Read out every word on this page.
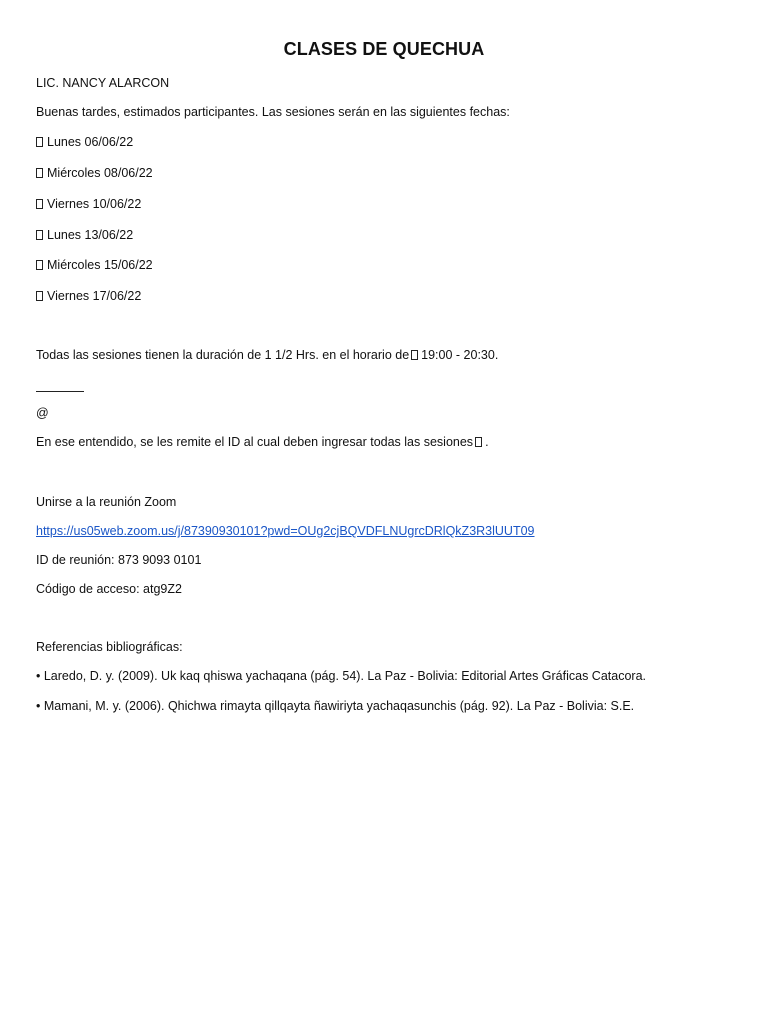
CLASES DE QUECHUA
LIC. NANCY ALARCON
Buenas tardes, estimados participantes. Las sesiones serán en las siguientes fechas:
Lunes 06/06/22
Miércoles 08/06/22
Viernes 10/06/22
Lunes 13/06/22
Miércoles 15/06/22
Viernes 17/06/22
Todas las sesiones tienen la duración de 1 1/2 Hrs. en el horario de 19:00 - 20:30.
@
En ese entendido, se les remite el ID al cual deben ingresar todas las sesiones .
Unirse a la reunión Zoom
https://us05web.zoom.us/j/87390930101?pwd=OUg2cjBQVDFLNUgrcDRlQkZ3R3lUUT09
ID de reunión: 873 9093 0101
Código de acceso: atg9Z2
Referencias bibliográficas:
• Laredo, D. y. (2009). Uk kaq qhiswa yachaqana (pág. 54). La Paz - Bolivia: Editorial Artes Gráficas Catacora.
• Mamani, M. y. (2006). Qhichwa rimayta qillqayta ñawiriyta yachaqasunchis (pág. 92). La Paz - Bolivia: S.E.
